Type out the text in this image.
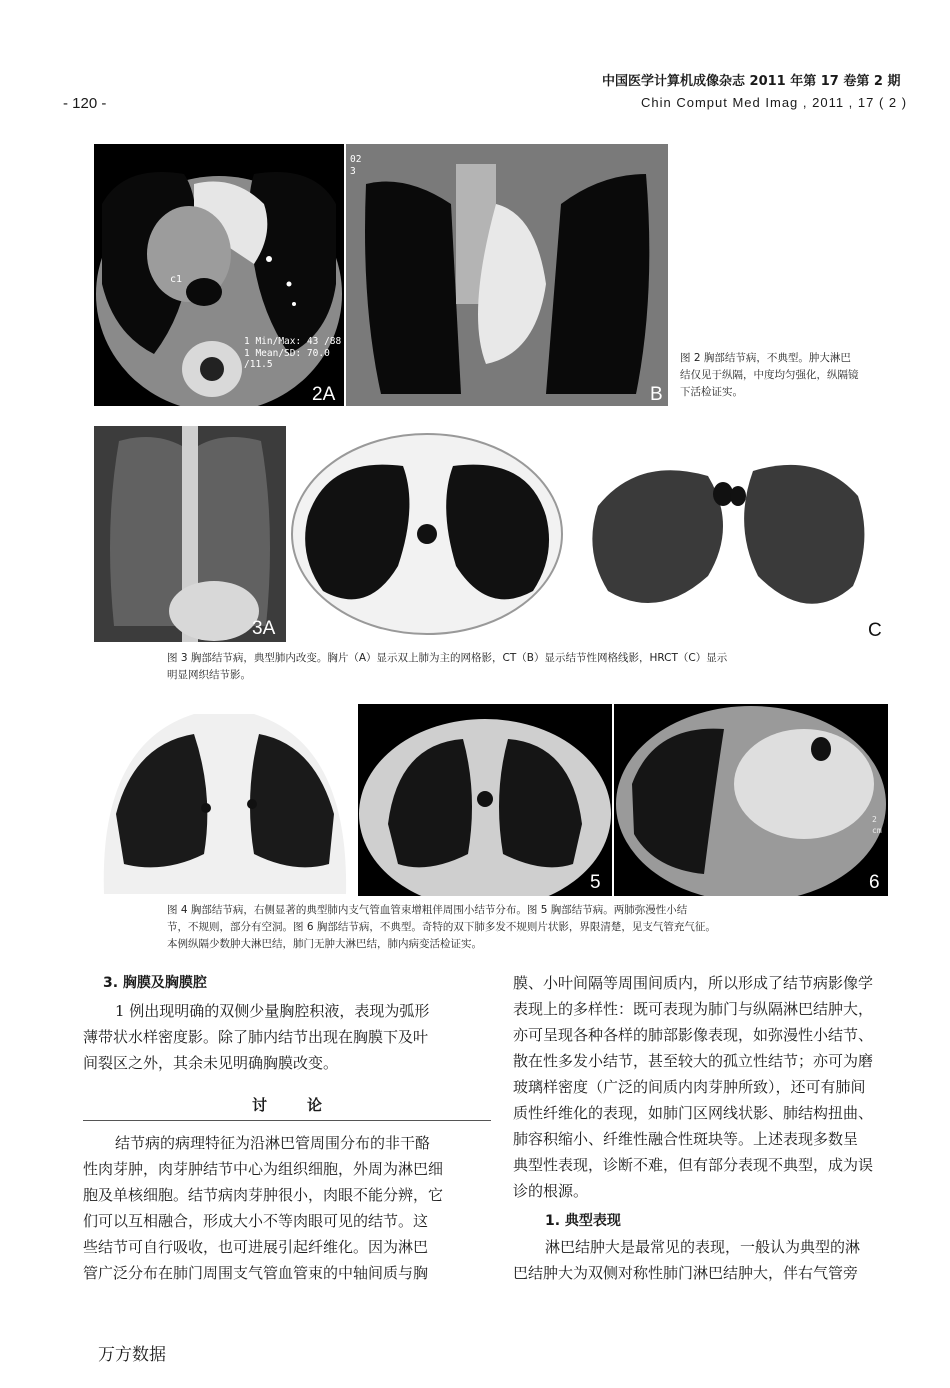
- 120 -
中国医学计算机成像杂志 2011 年第 17 卷第 2 期
Chin Comput Med Imag , 2011 , 17 ( 2 )
c1
1 Min/Max: 43 /88
1 Mean/SD: 70.0 /11.5
2A
02
3
B
图 2 胸部结节病，不典型。肿大淋巴
结仅见于纵隔，中度均匀强化，纵隔镜
下活检证实。
3A	B	C
图 3 胸部结节病，典型肺内改变。胸片（A）显示双上肺为主的网格影，CT（B）显示结节性网格线影，HRCT（C）显示
明显网织结节影。
5
2 cm
6
图 4 胸部结节病，右侧显著的典型肺内支气管血管束增粗伴周围小结节分布。图 5 胸部结节病。两肺弥漫性小结
节，不规则，部分有空洞。图 6 胸部结节病，不典型。奇特的双下肺多发不规则片状影，界限清楚，见支气管充气征。
本例纵隔少数肿大淋巴结，肺门无肿大淋巴结，肺内病变活检证实。

3. 胸膜及胸膜腔

1 例出现明确的双侧少量胸腔积液，表现为弧形

薄带状水样密度影。除了肺内结节出现在胸膜下及叶

间裂区之外，其余未见明确胸膜改变。

讨论

结节病的病理特征为沿淋巴管周围分布的非干酪

性肉芽肿，肉芽肿结节中心为组织细胞，外周为淋巴细

胞及单核细胞。结节病肉芽肿很小，肉眼不能分辨，它

们可以互相融合，形成大小不等肉眼可见的结节。这

些结节可自行吸收，也可进展引起纤维化。因为淋巴

管广泛分布在肺门周围支气管血管束的中轴间质与胸

膜、小叶间隔等周围间质内，所以形成了结节病影像学

表现上的多样性：既可表现为肺门与纵隔淋巴结肿大，

亦可呈现各种各样的肺部影像表现，如弥漫性小结节、

散在性多发小结节，甚至较大的孤立性结节；亦可为磨

玻璃样密度（广泛的间质内肉芽肿所致），还可有肺间

质性纤维化的表现，如肺门区网线状影、肺结构扭曲、

肺容积缩小、纤维性融合性斑块等。上述表现多数呈

典型性表现，诊断不难，但有部分表现不典型，成为误

诊的根源。

1. 典型表现

淋巴结肿大是最常见的表现，一般认为典型的淋

巴结肿大为双侧对称性肺门淋巴结肿大，伴右气管旁

万方数据
